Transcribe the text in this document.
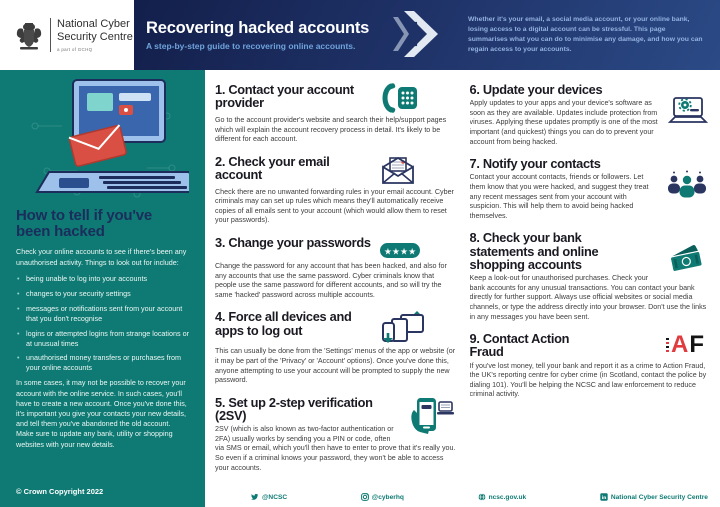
National Cyber
Security Centre
a part of GCHQ
Recovering hacked accounts
A step-by-step guide to recovering online accounts.
Whether it's your email, a social media account, or your online bank, losing access to a digital account can be stressful. This page summarises what you can do to minimise any damage, and how you can regain access to your accounts.
How to tell if you've been hacked

Check your online accounts to see if there's been any unauthorised activity. Things to look out for include:

• being unable to log into your accounts
• changes to your security settings
• messages or notifications sent from your account that you don't recognise
• logins or attempted logins from strange locations or at unusual times
• unauthorised money transfers or purchases from your online accounts

In some cases, it may not be possible to recover your account with the online service. In such cases, you'll have to create a new account. Once you've done this, it's important you give your contacts your new details, and tell them you've abandoned the old account. Make sure to update any bank, utility or shopping websites with your new details.

© Crown Copyright 2022
1. Contact your account provider

Go to the account provider's website and search their help/support pages which will explain the account recovery process in detail. It's likely to be different for each account.

2. Check your email account

Check there are no unwanted forwarding rules in your email account. Cyber criminals may can set up rules which means they'll automatically receive copies of all emails sent to your account (which would allow them to reset your passwords).

3. Change your passwords
★★★★

Change the password for any account that has been hacked, and also for any accounts that use the same password. Cyber criminals know that people use the same password for different accounts, and so will try the same 'hacked' password across multiple accounts.

4. Force all devices and apps to log out

This can usually be done from the 'Settings' menus of the app or website (or it may be part of the 'Privacy' or 'Account' options). Once you've done this, anyone attempting to use your account will be prompted to supply the new password.

5. Set up 2-step verification (2SV)

2SV (which is also known as two-factor authentication or 2FA) usually works by sending you a PIN or code, often via SMS or email, which you'll then have to enter to prove that it's really you. So even if a criminal knows your password, they won't be able to access your accounts.

6. Update your devices

Apply updates to your apps and your device's software as soon as they are available. Updates include protection from viruses. Applying these updates promptly is one of the most important (and quickest) things you can do to prevent your account from being hacked.

7. Notify your contacts

Contact your account contacts, friends or followers. Let them know that you were hacked, and suggest they treat any recent messages sent from your account with suspicion. This will help them to avoid being hacked themselves.

8. Check your bank statements and online shopping accounts

Keep a look-out for unauthorised purchases. Check your bank accounts for any unusual transactions. You can contact your bank directly for further support. Always use official websites or social media channels, or type the address directly into your browser. Don't use the links in any messages you have been sent.

A F
9. Contact Action Fraud

If you've lost money, tell your bank and report it as a crime to Action Fraud, the UK's reporting centre for cyber crime (in Scotland, contact the police by dialing 101). You'll be helping the NCSC and law enforcement to reduce criminal activity.

@NCSC	@cyberhq	ncsc.gov.uk	in National Cyber Security Centre
